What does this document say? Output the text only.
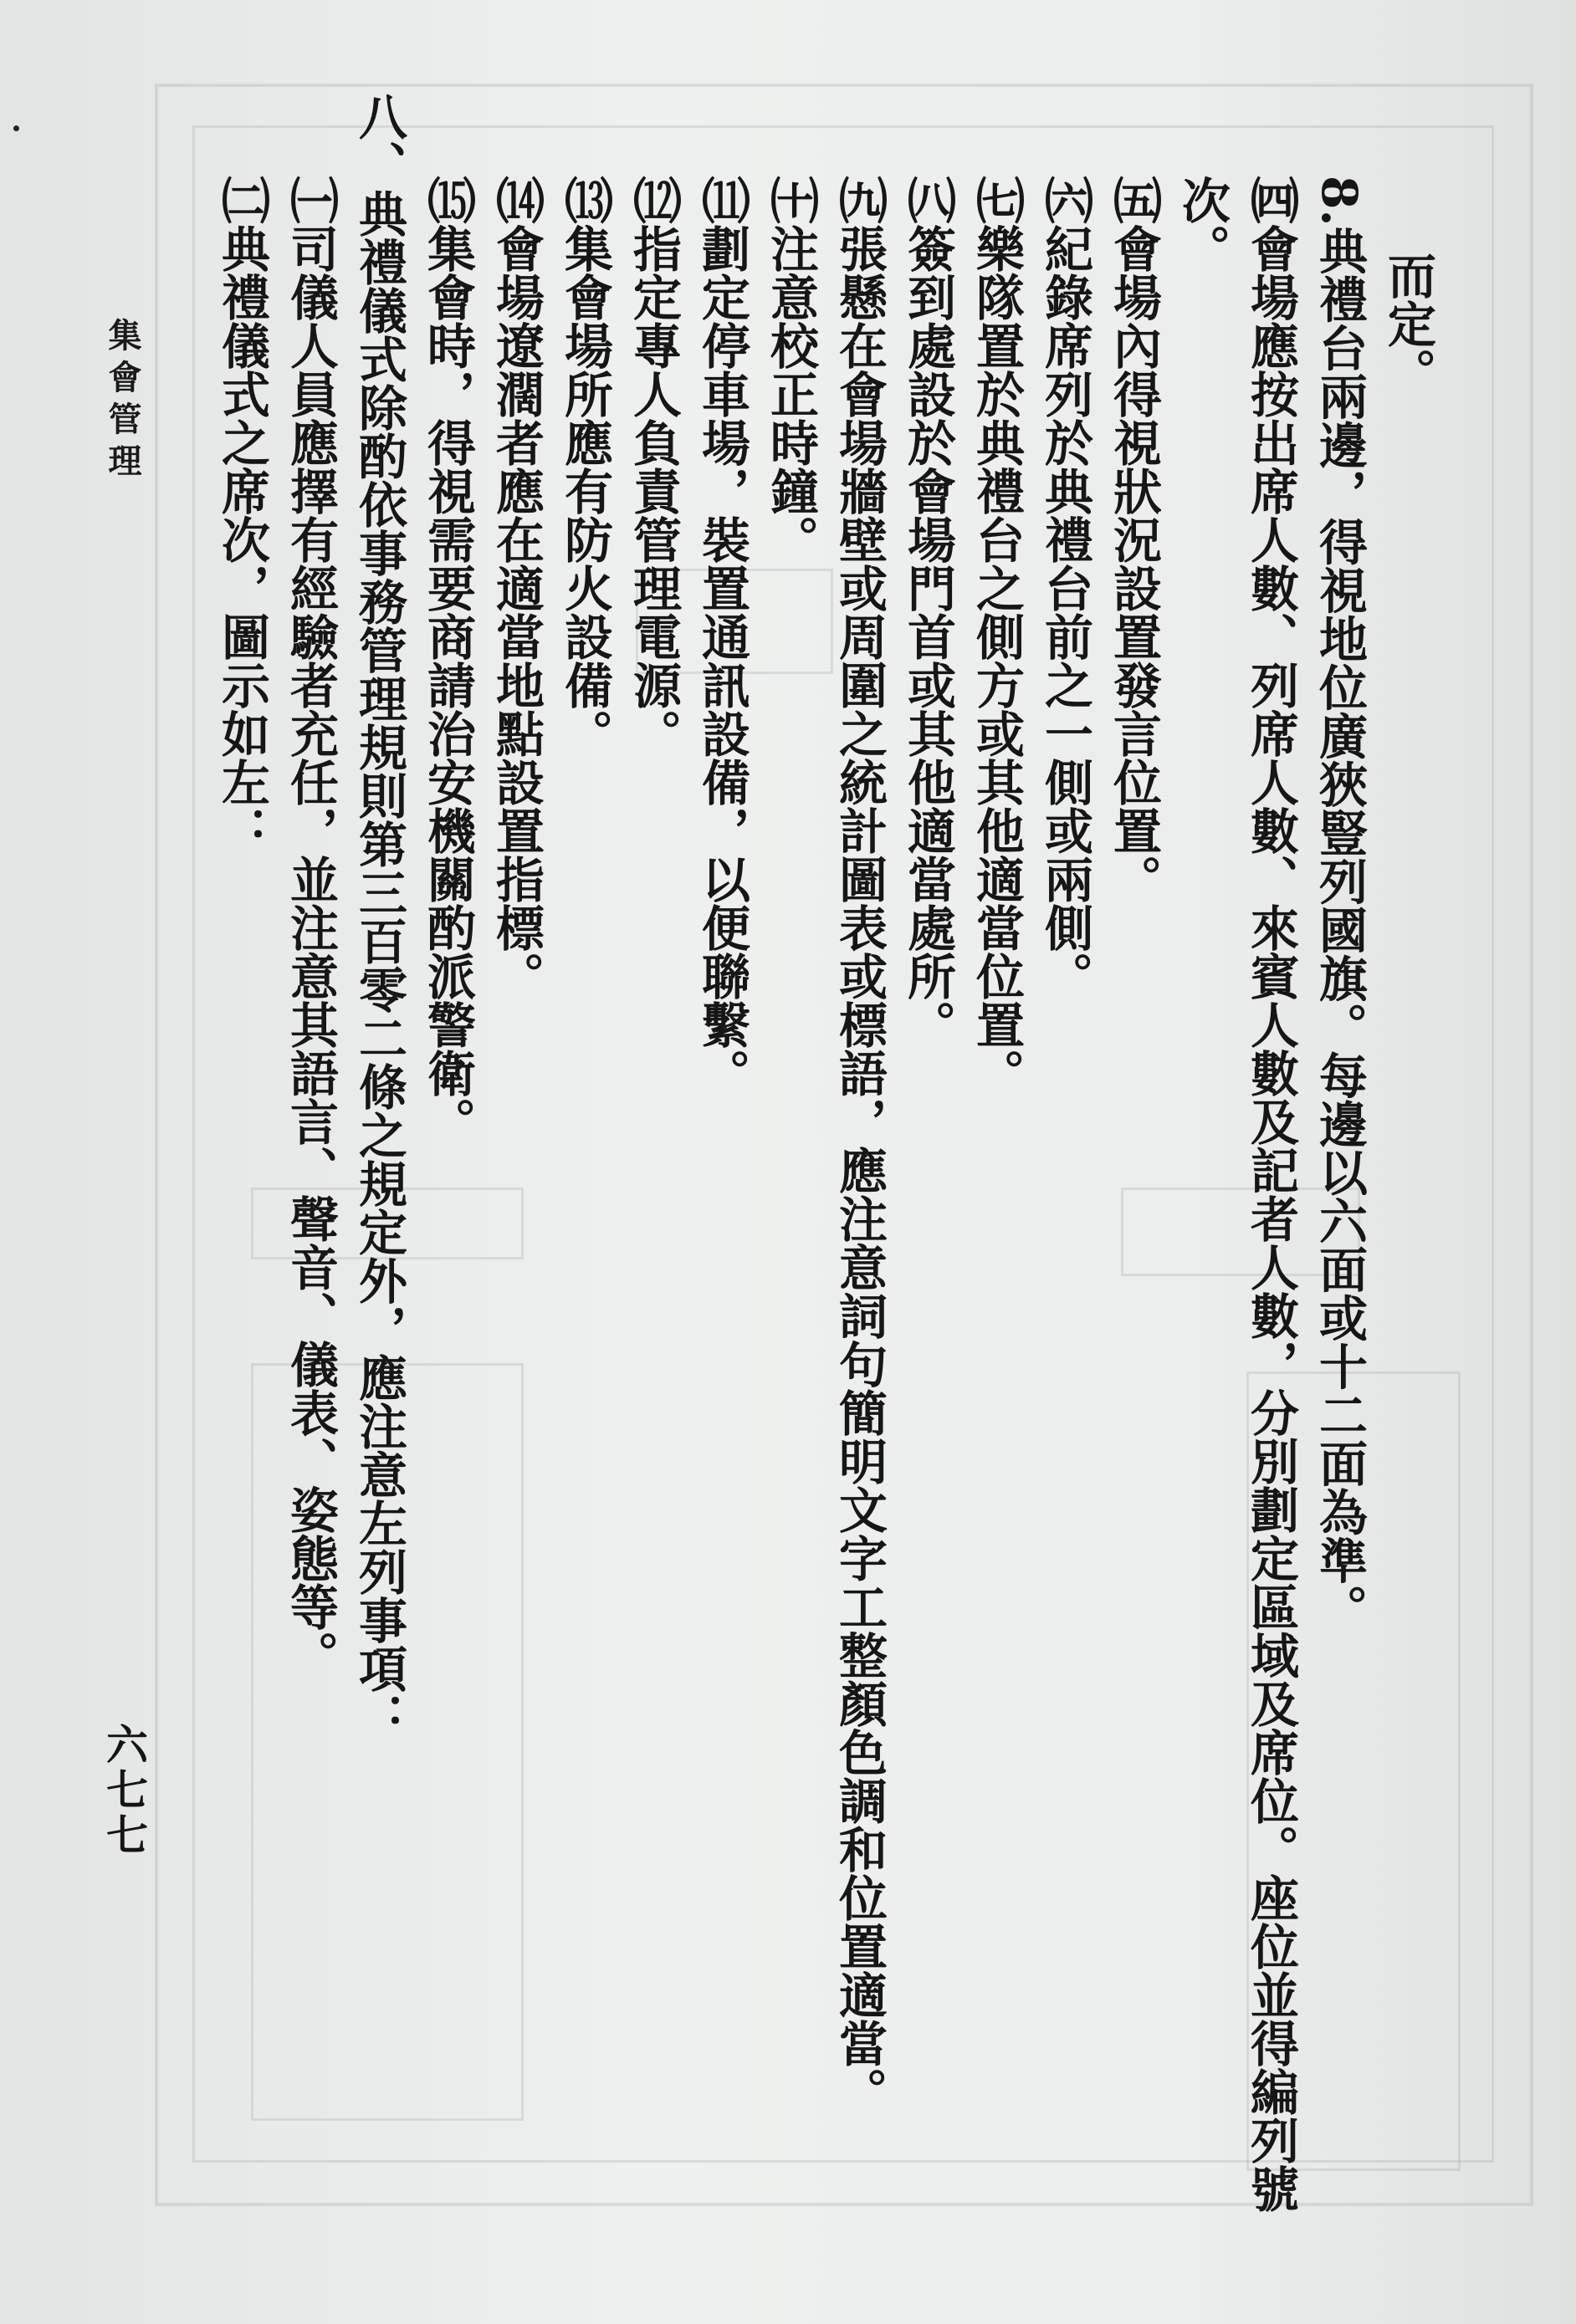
集會管理
六七七
而定。
8.典禮台兩邊，得視地位廣狹豎列國旗。每邊以六面或十二面為準。
㈣會場應按出席人數、列席人數、來賓人數及記者人數，分別劃定區域及席位。座位並得編列號
次。
㈤會場內得視狀況設置發言位置。
㈥紀錄席列於典禮台前之一側或兩側。
㈦樂隊置於典禮台之側方或其他適當位置。
㈧簽到處設於會場門首或其他適當處所。
㈨張懸在會場牆壁或周圍之統計圖表或標語，應注意詞句簡明文字工整顏色調和位置適當。
㈩注意校正時鐘。
⑾劃定停車場，裝置通訊設備，以便聯繫。
⑿指定專人負責管理電源。
⒀集會場所應有防火設備。
⒁會場遼濶者應在適當地點設置指標。
⒂集會時，得視需要商請治安機關酌派警衛。
八、典禮儀式除酌依事務管理規則第三百零二條之規定外，應注意左列事項：
㈠司儀人員應擇有經驗者充任，並注意其語言、聲音、儀表、姿態等。
㈡典禮儀式之席次，圖示如左：
